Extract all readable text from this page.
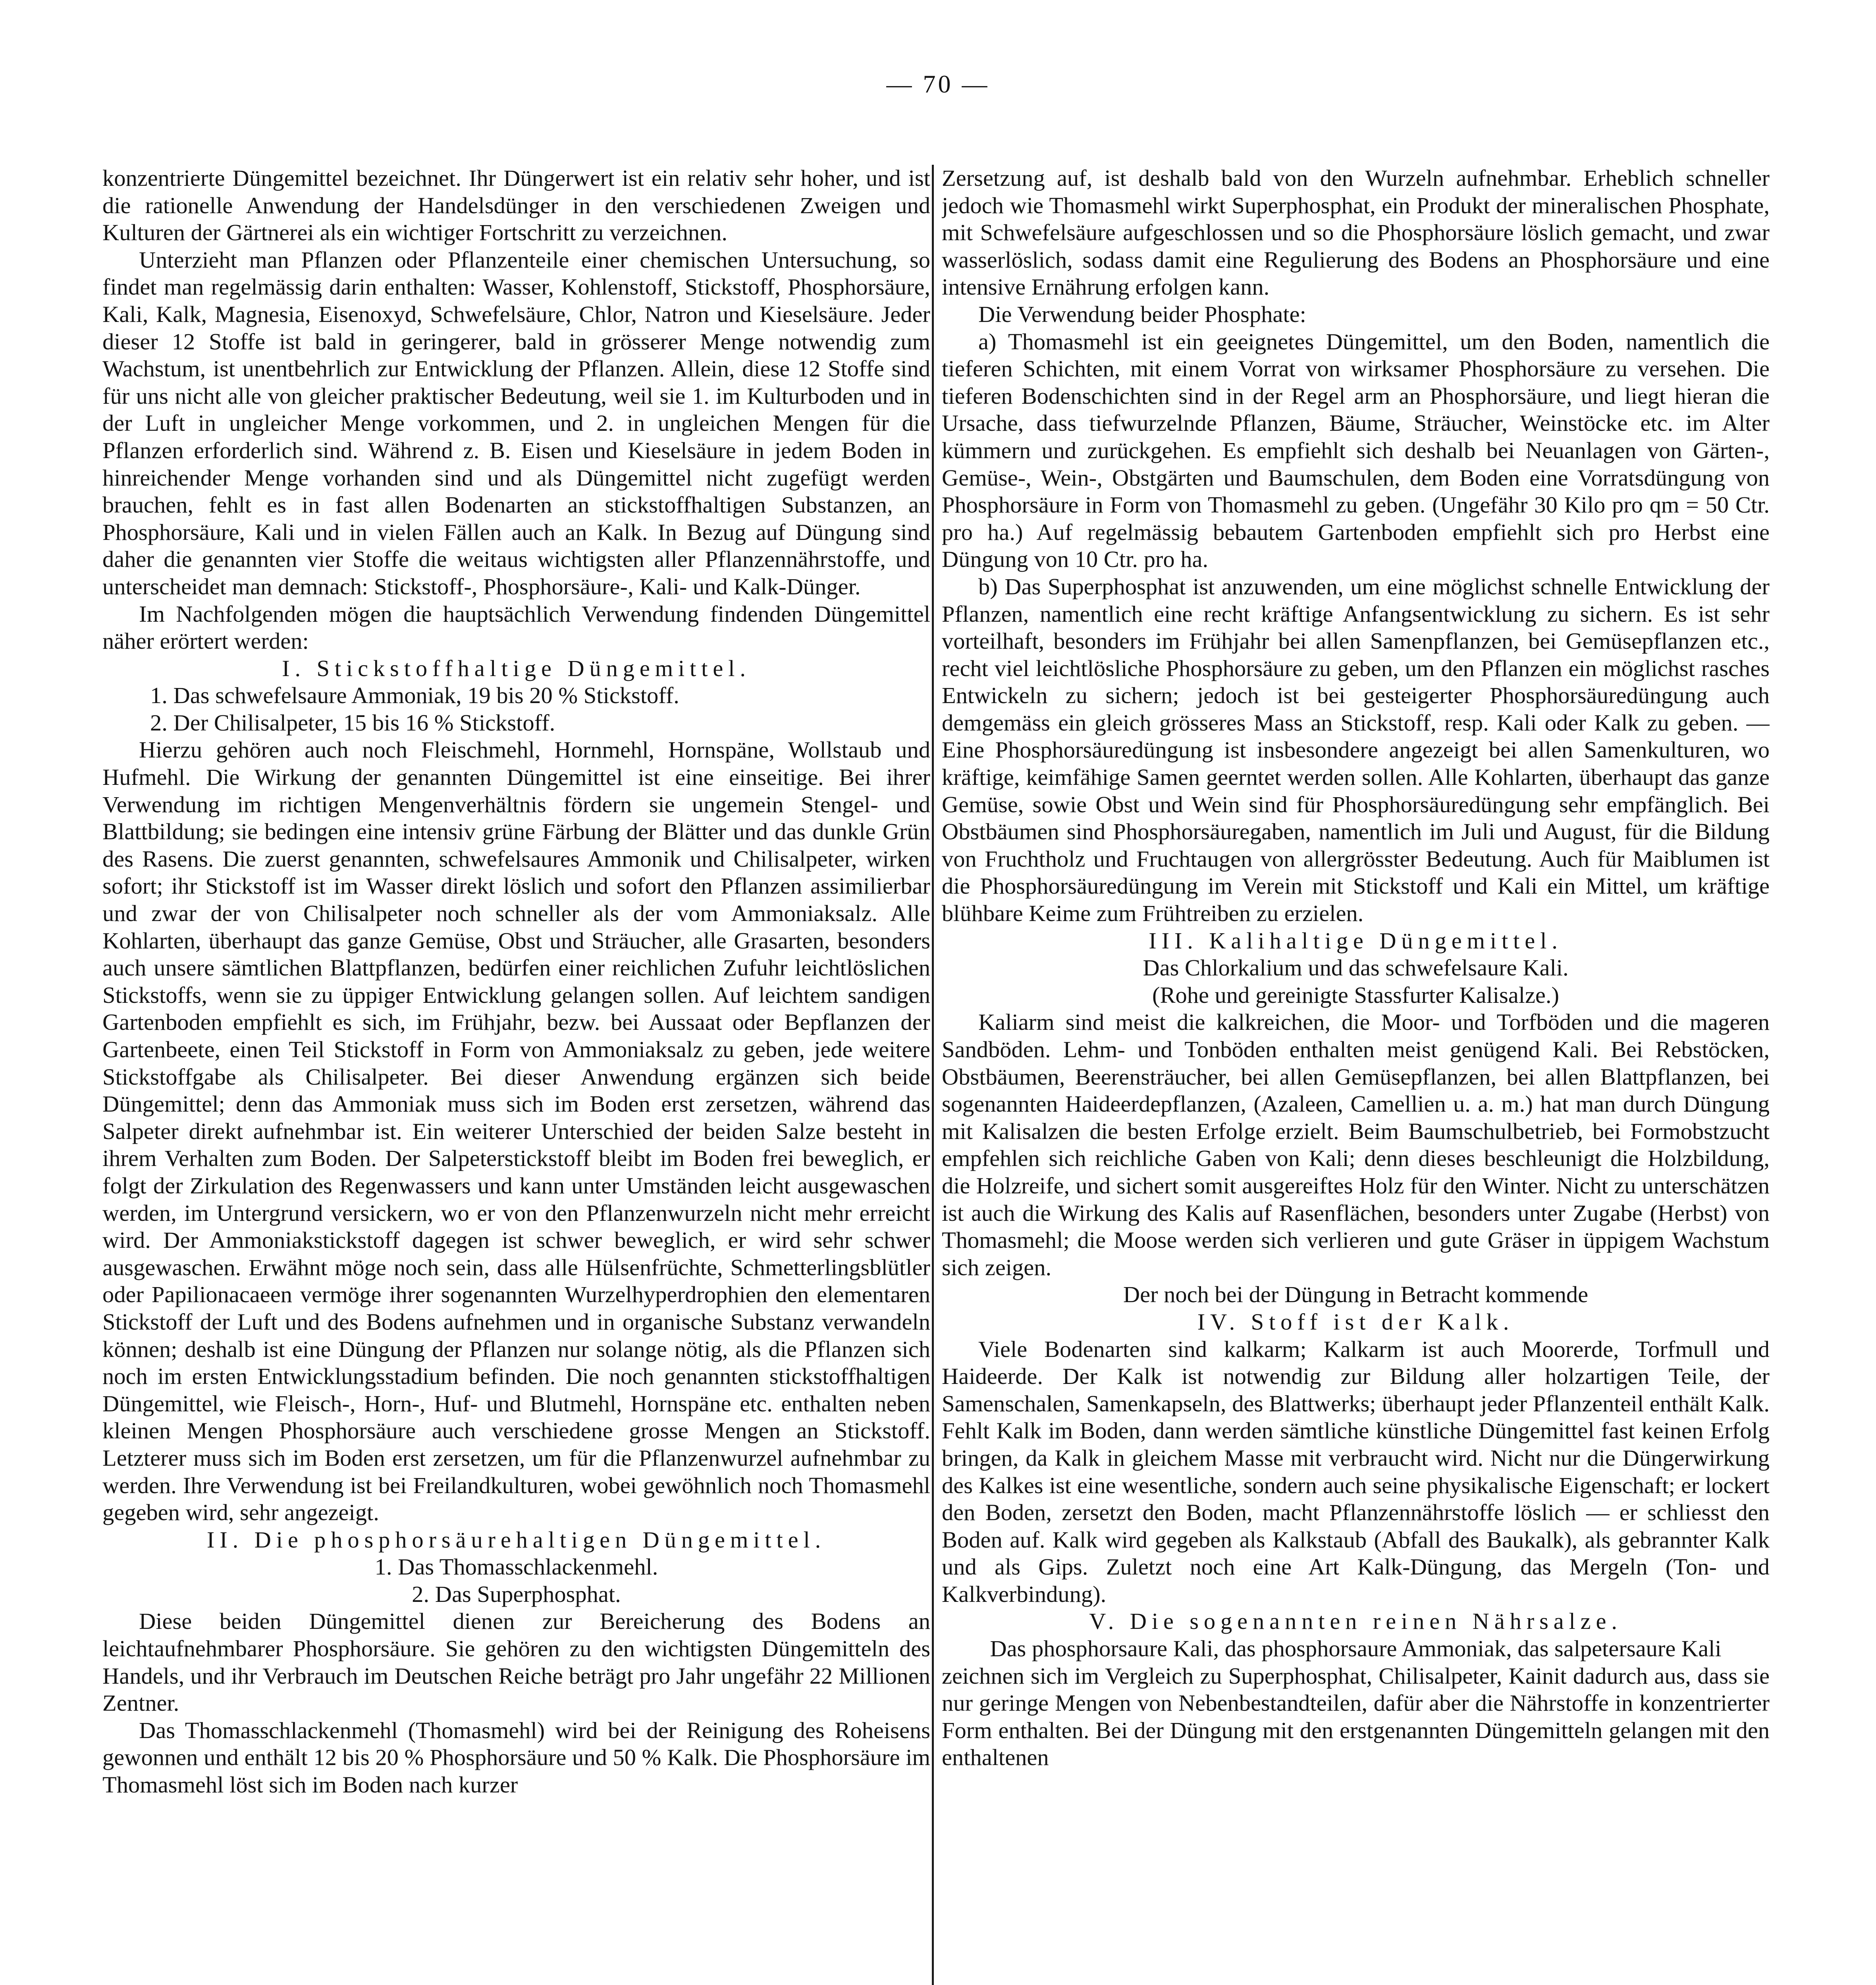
— 70 —

konzentrierte Düngemittel bezeichnet. Ihr Düngerwert ist ein relativ sehr hoher, und ist die rationelle Anwendung der Handelsdünger in den verschiedenen Zweigen und Kulturen der Gärtnerei als ein wichtiger Fortschritt zu verzeichnen.

Unterzieht man Pflanzen oder Pflanzenteile einer chemischen Untersuchung, so findet man regelmässig darin enthalten: Wasser, Kohlenstoff, Stickstoff, Phosphorsäure, Kali, Kalk, Magnesia, Eisenoxyd, Schwefelsäure, Chlor, Natron und Kieselsäure. Jeder dieser 12 Stoffe ist bald in geringerer, bald in grösserer Menge notwendig zum Wachstum, ist unentbehrlich zur Entwicklung der Pflanzen. Allein, diese 12 Stoffe sind für uns nicht alle von gleicher praktischer Bedeutung, weil sie 1. im Kulturboden und in der Luft in ungleicher Menge vorkommen, und 2. in ungleichen Mengen für die Pflanzen erforderlich sind. Während z. B. Eisen und Kieselsäure in jedem Boden in hinreichender Menge vorhanden sind und als Düngemittel nicht zugefügt werden brauchen, fehlt es in fast allen Bodenarten an stickstoffhaltigen Substanzen, an Phosphorsäure, Kali und in vielen Fällen auch an Kalk. In Bezug auf Düngung sind daher die genannten vier Stoffe die weitaus wichtigsten aller Pflanzennährstoffe, und unterscheidet man demnach: Stickstoff-, Phosphorsäure-, Kali- und Kalk-Dünger.

Im Nachfolgenden mögen die hauptsächlich Verwendung findenden Düngemittel näher erörtert werden:

I. Stickstoffhaltige Düngemittel.

1. Das schwefelsaure Ammoniak, 19 bis 20 % Stickstoff.

2. Der Chilisalpeter, 15 bis 16 % Stickstoff.

Hierzu gehören auch noch Fleischmehl, Hornmehl, Hornspäne, Wollstaub und Hufmehl. Die Wirkung der genannten Düngemittel ist eine einseitige. Bei ihrer Verwendung im richtigen Mengenverhältnis fördern sie ungemein Stengel- und Blattbildung; sie bedingen eine intensiv grüne Färbung der Blätter und das dunkle Grün des Rasens. Die zuerst genannten, schwefelsaures Ammonik und Chilisalpeter, wirken sofort; ihr Stickstoff ist im Wasser direkt löslich und sofort den Pflanzen assimilierbar und zwar der von Chilisalpeter noch schneller als der vom Ammoniaksalz. Alle Kohlarten, überhaupt das ganze Gemüse, Obst und Sträucher, alle Grasarten, besonders auch unsere sämtlichen Blattpflanzen, bedürfen einer reichlichen Zufuhr leichtlöslichen Stickstoffs, wenn sie zu üppiger Entwicklung gelangen sollen. Auf leichtem sandigen Gartenboden empfiehlt es sich, im Frühjahr, bezw. bei Aussaat oder Bepflanzen der Gartenbeete, einen Teil Stickstoff in Form von Ammoniaksalz zu geben, jede weitere Stickstoffgabe als Chilisalpeter. Bei dieser Anwendung ergänzen sich beide Düngemittel; denn das Ammoniak muss sich im Boden erst zersetzen, während das Salpeter direkt aufnehmbar ist. Ein weiterer Unterschied der beiden Salze besteht in ihrem Verhalten zum Boden. Der Salpeterstickstoff bleibt im Boden frei beweglich, er folgt der Zirkulation des Regenwassers und kann unter Umständen leicht ausgewaschen werden, im Untergrund versickern, wo er von den Pflanzenwurzeln nicht mehr erreicht wird. Der Ammoniakstickstoff dagegen ist schwer beweglich, er wird sehr schwer ausgewaschen. Erwähnt möge noch sein, dass alle Hülsenfrüchte, Schmetterlingsblütler oder Papilionacaeen vermöge ihrer sogenannten Wurzelhyperdrophien den elementaren Stickstoff der Luft und des Bodens aufnehmen und in organische Substanz verwandeln können; deshalb ist eine Düngung der Pflanzen nur solange nötig, als die Pflanzen sich noch im ersten Entwicklungsstadium befinden. Die noch genannten stickstoffhaltigen Düngemittel, wie Fleisch-, Horn-, Huf- und Blutmehl, Hornspäne etc. enthalten neben kleinen Mengen Phosphorsäure auch verschiedene grosse Mengen an Stickstoff. Letzterer muss sich im Boden erst zersetzen, um für die Pflanzenwurzel aufnehmbar zu werden. Ihre Verwendung ist bei Freilandkulturen, wobei gewöhnlich noch Thomasmehl gegeben wird, sehr angezeigt.

II. Die phosphorsäurehaltigen Düngemittel.

1. Das Thomasschlackenmehl.

2. Das Superphosphat.

Diese beiden Düngemittel dienen zur Bereicherung des Bodens an leichtaufnehmbarer Phosphorsäure. Sie gehören zu den wichtigsten Düngemitteln des Handels, und ihr Verbrauch im Deutschen Reiche beträgt pro Jahr ungefähr 22 Millionen Zentner.

Das Thomasschlackenmehl (Thomasmehl) wird bei der Reinigung des Roheisens gewonnen und enthält 12 bis 20 % Phosphorsäure und 50 % Kalk. Die Phosphorsäure im Thomasmehl löst sich im Boden nach kurzer

Zersetzung auf, ist deshalb bald von den Wurzeln aufnehmbar. Erheblich schneller jedoch wie Thomasmehl wirkt Superphosphat, ein Produkt der mineralischen Phosphate, mit Schwefelsäure aufgeschlossen und so die Phosphorsäure löslich gemacht, und zwar wasserlöslich, sodass damit eine Regulierung des Bodens an Phosphorsäure und eine intensive Ernährung erfolgen kann.

Die Verwendung beider Phosphate:

a) Thomasmehl ist ein geeignetes Düngemittel, um den Boden, namentlich die tieferen Schichten, mit einem Vorrat von wirksamer Phosphorsäure zu versehen. Die tieferen Bodenschichten sind in der Regel arm an Phosphorsäure, und liegt hieran die Ursache, dass tiefwurzelnde Pflanzen, Bäume, Sträucher, Weinstöcke etc. im Alter kümmern und zurückgehen. Es empfiehlt sich deshalb bei Neuanlagen von Gärten-, Gemüse-, Wein-, Obstgärten und Baumschulen, dem Boden eine Vorratsdüngung von Phosphorsäure in Form von Thomasmehl zu geben. (Ungefähr 30 Kilo pro qm = 50 Ctr. pro ha.) Auf regelmässig bebautem Gartenboden empfiehlt sich pro Herbst eine Düngung von 10 Ctr. pro ha.

b) Das Superphosphat ist anzuwenden, um eine möglichst schnelle Entwicklung der Pflanzen, namentlich eine recht kräftige Anfangsentwicklung zu sichern. Es ist sehr vorteilhaft, besonders im Frühjahr bei allen Samenpflanzen, bei Gemüsepflanzen etc., recht viel leichtlösliche Phosphorsäure zu geben, um den Pflanzen ein möglichst rasches Entwickeln zu sichern; jedoch ist bei gesteigerter Phosphorsäuredüngung auch demgemäss ein gleich grösseres Mass an Stickstoff, resp. Kali oder Kalk zu geben. — Eine Phosphorsäuredüngung ist insbesondere angezeigt bei allen Samenkulturen, wo kräftige, keimfähige Samen geerntet werden sollen. Alle Kohlarten, überhaupt das ganze Gemüse, sowie Obst und Wein sind für Phosphorsäuredüngung sehr empfänglich. Bei Obstbäumen sind Phosphorsäuregaben, namentlich im Juli und August, für die Bildung von Fruchtholz und Fruchtaugen von allergrösster Bedeutung. Auch für Maiblumen ist die Phosphorsäuredüngung im Verein mit Stickstoff und Kali ein Mittel, um kräftige blühbare Keime zum Frühtreiben zu erzielen.

III. Kalihaltige Düngemittel.

Das Chlorkalium und das schwefelsaure Kali.

(Rohe und gereinigte Stassfurter Kalisalze.)

Kaliarm sind meist die kalkreichen, die Moor- und Torfböden und die mageren Sandböden. Lehm- und Tonböden enthalten meist genügend Kali. Bei Rebstöcken, Obstbäumen, Beerensträucher, bei allen Gemüsepflanzen, bei allen Blattpflanzen, bei sogenannten Haideerdepflanzen, (Azaleen, Camellien u. a. m.) hat man durch Düngung mit Kalisalzen die besten Erfolge erzielt. Beim Baumschulbetrieb, bei Formobstzucht empfehlen sich reichliche Gaben von Kali; denn dieses beschleunigt die Holzbildung, die Holzreife, und sichert somit ausgereiftes Holz für den Winter. Nicht zu unterschätzen ist auch die Wirkung des Kalis auf Rasenflächen, besonders unter Zugabe (Herbst) von Thomasmehl; die Moose werden sich verlieren und gute Gräser in üppigem Wachstum sich zeigen.

Der noch bei der Düngung in Betracht kommende

IV. Stoff ist der Kalk.

Viele Bodenarten sind kalkarm; Kalkarm ist auch Moorerde, Torfmull und Haideerde. Der Kalk ist notwendig zur Bildung aller holzartigen Teile, der Samenschalen, Samenkapseln, des Blattwerks; überhaupt jeder Pflanzenteil enthält Kalk. Fehlt Kalk im Boden, dann werden sämtliche künstliche Düngemittel fast keinen Erfolg bringen, da Kalk in gleichem Masse mit verbraucht wird. Nicht nur die Düngerwirkung des Kalkes ist eine wesentliche, sondern auch seine physikalische Eigenschaft; er lockert den Boden, zersetzt den Boden, macht Pflanzennährstoffe löslich — er schliesst den Boden auf. Kalk wird gegeben als Kalkstaub (Abfall des Baukalk), als gebrannter Kalk und als Gips. Zuletzt noch eine Art Kalk-Düngung, das Mergeln (Ton- und Kalkverbindung).

V. Die sogenannten reinen Nährsalze.

Das phosphorsaure Kali, das phosphorsaure Ammoniak, das salpetersaure Kali

zeichnen sich im Vergleich zu Superphosphat, Chilisalpeter, Kainit dadurch aus, dass sie nur geringe Mengen von Nebenbestandteilen, dafür aber die Nährstoffe in konzentrierter Form enthalten. Bei der Düngung mit den erstgenannten Düngemitteln gelangen mit den enthaltenen
